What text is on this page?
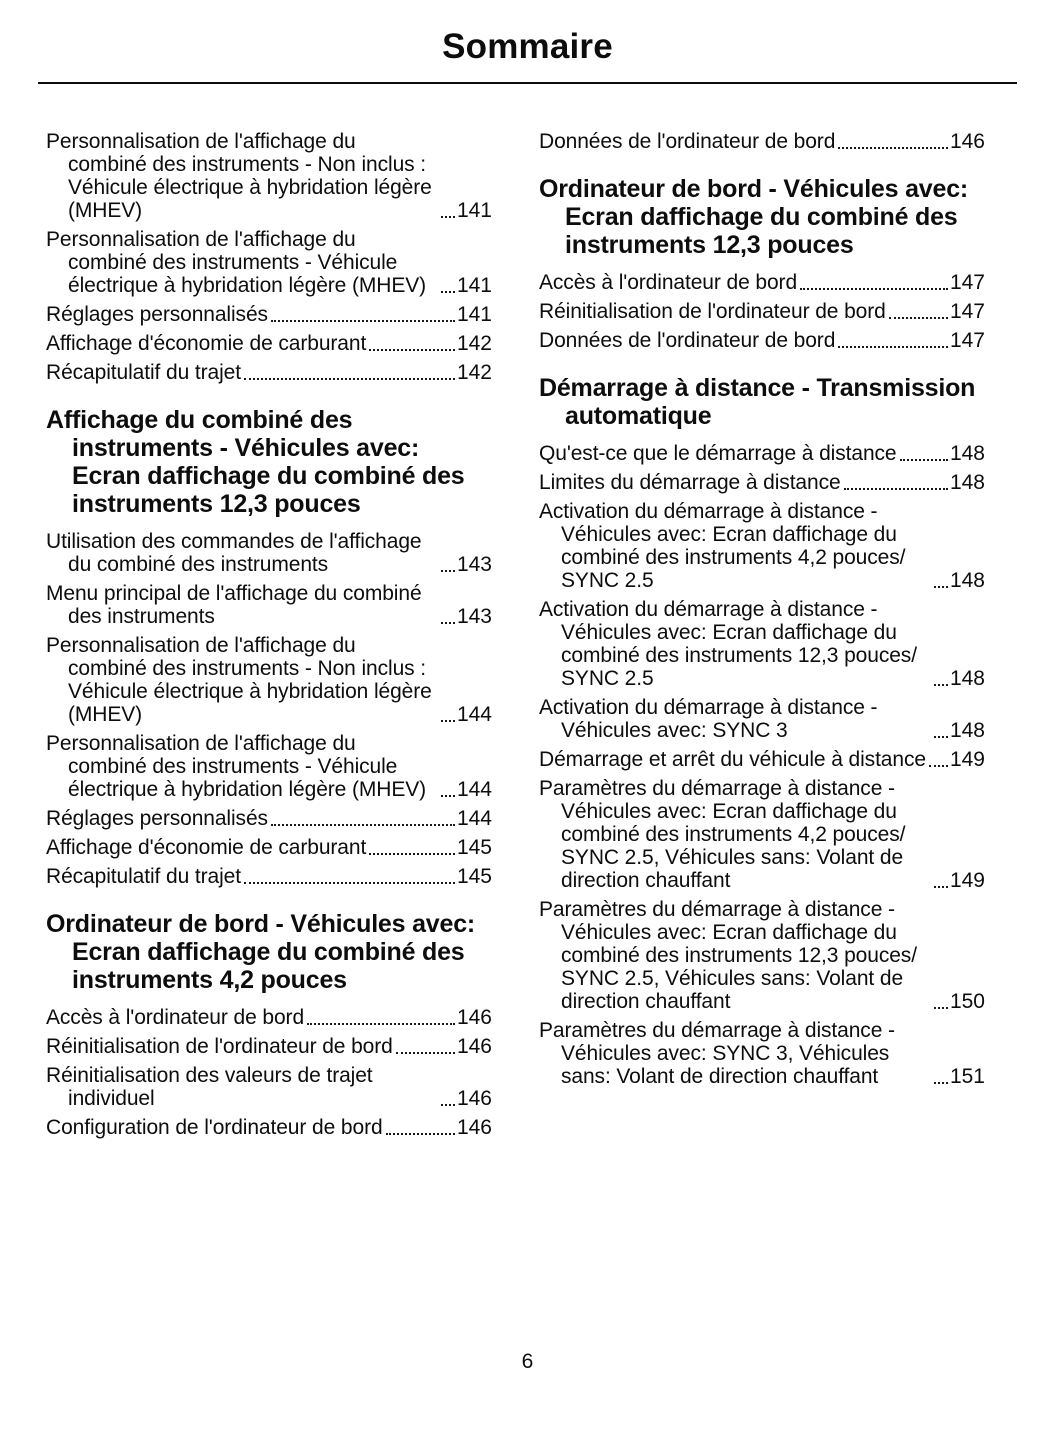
Sommaire
Personnalisation de l'affichage du combiné des instruments - Non inclus : Véhicule électrique à hybridation légère (MHEV)	141
Personnalisation de l'affichage du combiné des instruments - Véhicule électrique à hybridation légère (MHEV)	141
Réglages personnalisés	141
Affichage d'économie de carburant	142
Récapitulatif du trajet	142
Affichage du combiné des instruments - Véhicules avec: Ecran daffichage du combiné des instruments 12,3 pouces
Utilisation des commandes de l'affichage du combiné des instruments	143
Menu principal de l'affichage du combiné des instruments	143
Personnalisation de l'affichage du combiné des instruments - Non inclus : Véhicule électrique à hybridation légère (MHEV)	144
Personnalisation de l'affichage du combiné des instruments - Véhicule électrique à hybridation légère (MHEV)	144
Réglages personnalisés	144
Affichage d'économie de carburant	145
Récapitulatif du trajet	145
Ordinateur de bord - Véhicules avec: Ecran daffichage du combiné des instruments 4,2 pouces
Accès à l'ordinateur de bord	146
Réinitialisation de l'ordinateur de bord	146
Réinitialisation des valeurs de trajet individuel	146
Configuration de l'ordinateur de bord	146
Données de l'ordinateur de bord	146
Ordinateur de bord - Véhicules avec: Ecran daffichage du combiné des instruments 12,3 pouces
Accès à l'ordinateur de bord	147
Réinitialisation de l'ordinateur de bord	147
Données de l'ordinateur de bord	147
Démarrage à distance - Transmission automatique
Qu'est-ce que le démarrage à distance	148
Limites du démarrage à distance	148
Activation du démarrage à distance - Véhicules avec: Ecran daffichage du combiné des instruments 4,2 pouces/ SYNC 2.5	148
Activation du démarrage à distance - Véhicules avec: Ecran daffichage du combiné des instruments 12,3 pouces/ SYNC 2.5	148
Activation du démarrage à distance - Véhicules avec: SYNC 3	148
Démarrage et arrêt du véhicule à distance 149
Paramètres du démarrage à distance - Véhicules avec: Ecran daffichage du combiné des instruments 4,2 pouces/ SYNC 2.5, Véhicules sans: Volant de direction chauffant	149
Paramètres du démarrage à distance - Véhicules avec: Ecran daffichage du combiné des instruments 12,3 pouces/ SYNC 2.5, Véhicules sans: Volant de direction chauffant	150
Paramètres du démarrage à distance - Véhicules avec: SYNC 3, Véhicules sans: Volant de direction chauffant	151
6
